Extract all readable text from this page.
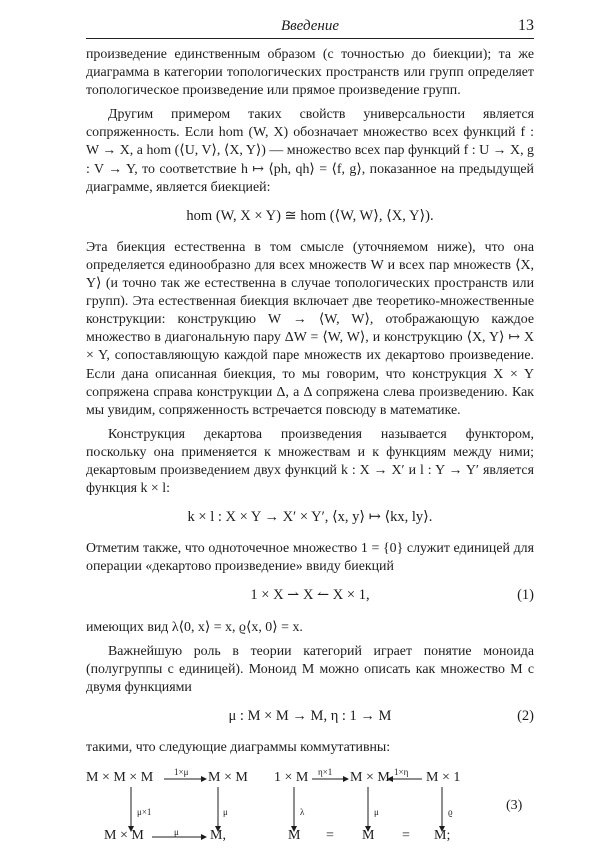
Введение	13

произведение единственным образом (с точностью до биекции); та же диаграмма в категории топологических пространств или групп определяет топологическое произведение или прямое произведение групп.

Другим примером таких свойств универсальности является сопряженность. Если hom (W, X) обозначает множество всех функций f : W → X, а hom (⟨U, V⟩, ⟨X, Y⟩) — множество всех пар функций f : U → X, g : V → Y, то соответствие h ↦ ⟨ph, qh⟩ = ⟨f, g⟩, показанное на предыдущей диаграмме, является биекцией:

hom (W, X × Y) ≅ hom (⟨W, W⟩, ⟨X, Y⟩).

Эта биекция естественна в том смысле (уточняемом ниже), что она определяется единообразно для всех множеств W и всех пар множеств ⟨X, Y⟩ (и точно так же естественна в случае топологических пространств или групп). Эта естественная биекция включает две теоретико-множественные конструкции: конструкцию W → ⟨W, W⟩, отображающую каждое множество в диагональную пару ΔW = ⟨W, W⟩, и конструкцию ⟨X, Y⟩ ↦ X × Y, сопоставляющую каждой паре множеств их декартово произведение. Если дана описанная биекция, то мы говорим, что конструкция X × Y сопряжена справа конструкции Δ, а Δ сопряжена слева произведению. Как мы увидим, сопряженность встречается повсюду в математике.

Конструкция декартова произведения называется функтором, поскольку она применяется к множествам и к функциям между ними; декартовым произведением двух функций k : X → X′ и l : Y → Y′ является функция k × l:

k × l : X × Y → X′ × Y′, ⟨x, y⟩ ↦ ⟨kx, ly⟩.

Отметим также, что одноточечное множество 1 = {0} служит единицей для операции «декартово произведение» ввиду биекций

1 × X ⇀ X ↼ X × 1,	(1)

имеющих вид λ⟨0, x⟩ = x, ϱ⟨x, 0⟩ = x.

Важнейшую роль в теории категорий играет понятие моноида (полугруппы с единицей). Моноид M можно описать как множество M с двумя функциями

μ : M × M → M, η : 1 → M	(2)

такими, что следующие диаграммы коммутативны:

M × M × M 1×μ M × M
μ×1	μ
M × M	μ M,
1 × M η×1 M × M 1×η M × 1
λ	μ	ϱ
M = M = M;
(3)
